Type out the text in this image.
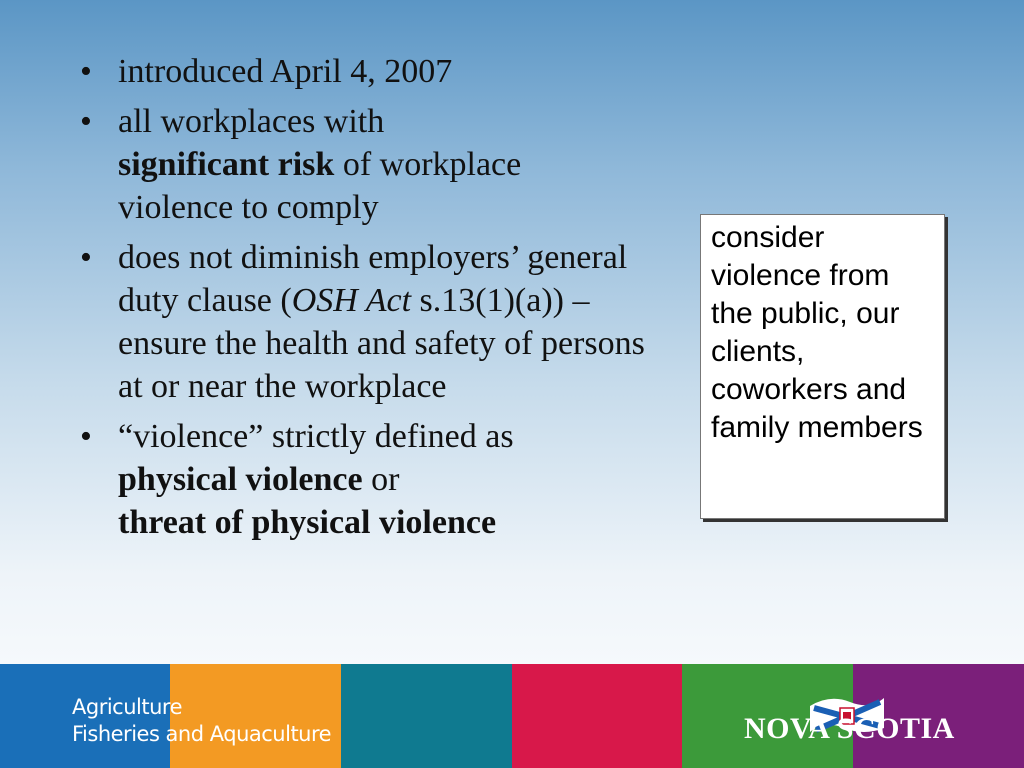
• introduced April 4, 2007
• all workplaces with
significant risk of workplace
violence to comply
• does not diminish employers’ general duty clause (OSH Act s.13(1)(a)) – ensure the health and safety of persons at or near the workplace
• “violence” strictly defined as
physical violence or
threat of physical violence
consider violence from the public, our clients, coworkers and family members
Agriculture
Fisheries and Aquaculture	NOVA SCOTIA
